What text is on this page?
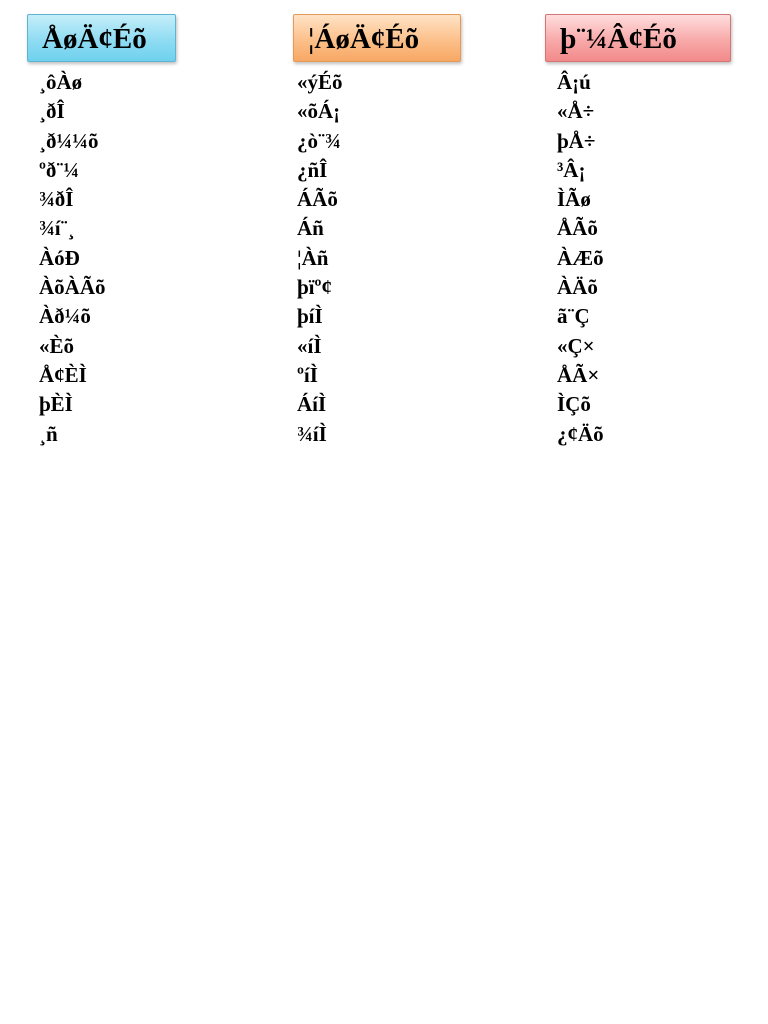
ÅøÄ¢Éõ
¸ôÀø
¸ðÎ
¸ð¼¼õ
ºð¨¼
¾ðÎ
¾í¨¸
ÀóÐ
ÀõÀÃõ
Àð¼õ
«Èõ
Å¢ÈÌ
þÈÌ
¸ñ
¦ÁøÄ¢Éõ
«ýÉõ
«õÁ¡
¿ò¨¾
¿ñÎ
ÁÃõ
Áñ
¦Àñ
þïº¢
þíÌ
«íÌ
ºíÌ
ÁíÌ
¾íÌ
þ¨¼Â¢Éõ
Â¡ú
«Å÷
þÅ÷
³Â¡
ÌÃø
ÅÃõ
ÀÆõ
ÀÄõ
ã¨Ç
«Ç×
ÅÃ×
ÌÇõ
¿¢Äõ
